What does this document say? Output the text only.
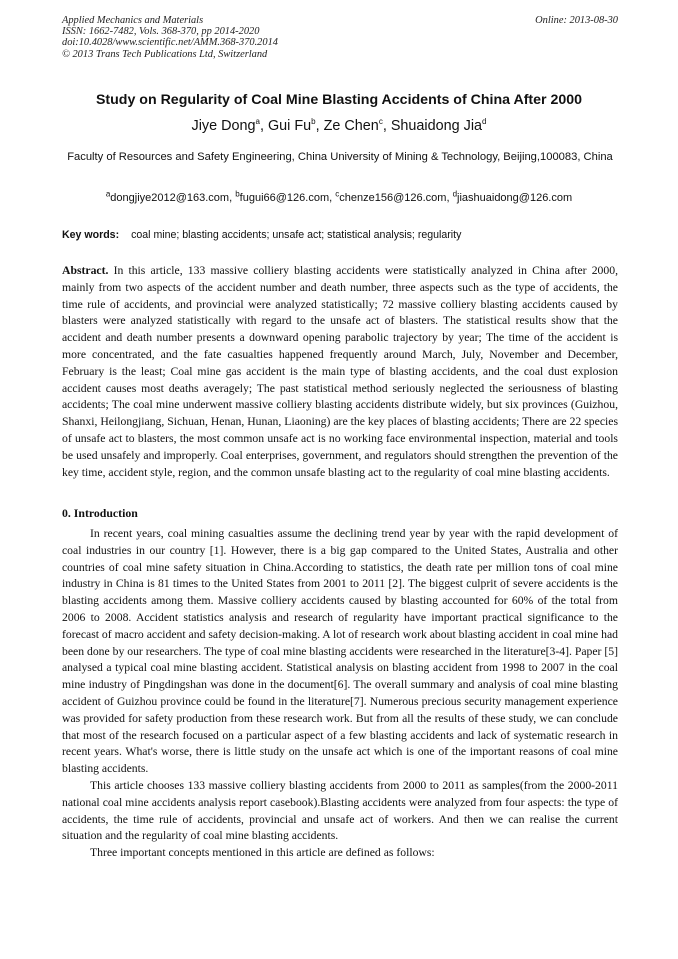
Applied Mechanics and Materials
ISSN: 1662-7482, Vols. 368-370, pp 2014-2020
doi:10.4028/www.scientific.net/AMM.368-370.2014
© 2013 Trans Tech Publications Ltd, Switzerland
Online: 2013-08-30
Study on Regularity of Coal Mine Blasting Accidents of China After 2000
Jiye Dong$^a$, Gui Fu$^b$, Ze Chen$^c$, Shuaidong Jia$^d$
Faculty of Resources and Safety Engineering, China University of Mining & Technology, Beijing,100083, China
$^a$dongjiye2012@163.com, $^b$fugui66@126.com, $^c$chenze156@126.com, $^d$jiashuaidong@126.com
Key words: coal mine; blasting accidents; unsafe act; statistical analysis; regularity
Abstract. In this article, 133 massive colliery blasting accidents were statistically analyzed in China after 2000, mainly from two aspects of the accident number and death number, three aspects such as the type of accidents, the time rule of accidents, and provincial were analyzed statistically; 72 massive colliery blasting accidents caused by blasters were analyzed statistically with regard to the unsafe act of blasters. The statistical results show that the accident and death number presents a downward opening parabolic trajectory by year; The time of the accident is more concentrated, and the fate casualties happened frequently around March, July, November and December, February is the least; Coal mine gas accident is the main type of blasting accidents, and the coal dust explosion accident causes most deaths averagely; The past statistical method seriously neglected the seriousness of blasting accidents; The coal mine underwent massive colliery blasting accidents distribute widely, but six provinces (Guizhou, Shanxi, Heilongjiang, Sichuan, Henan, Hunan, Liaoning) are the key places of blasting accidents; There are 22 species of unsafe act to blasters, the most common unsafe act is no working face environmental inspection, material and tools be used unsafely and improperly. Coal enterprises, government, and regulators should strengthen the prevention of the key time, accident style, region, and the common unsafe blasting act to the regularity of coal mine blasting accidents.
0. Introduction

In recent years, coal mining casualties assume the declining trend year by year with the rapid development of coal industries in our country [1]. However, there is a big gap compared to the United States, Australia and other countries of coal mine safety situation in China.According to statistics, the death rate per million tons of coal mine industry in China is 81 times to the United States from 2001 to 2011 [2]. The biggest culprit of severe accidents is the blasting accidents among them. Massive colliery accidents caused by blasting accounted for 60% of the total from 2006 to 2008. Accident statistics analysis and research of regularity have important practical significance to the forecast of macro accident and safety decision-making. A lot of research work about blasting accident in coal mine had been done by our researchers. The type of coal mine blasting accidents were researched in the literature[3-4]. Paper [5] analysed a typical coal mine blasting accident. Statistical analysis on blasting accident from 1998 to 2007 in the coal mine industry of Pingdingshan was done in the document[6]. The overall summary and analysis of coal mine blasting accident of Guizhou province could be found in the literature[7]. Numerous precious security management experience was provided for safety production from these research work. But from all the results of these study, we can conclude that most of the research focused on a particular aspect of a few blasting accidents and lack of systematic research in recent years. What's worse, there is little study on the unsafe act which is one of the important reasons of coal mine blasting accidents.

This article chooses 133 massive colliery blasting accidents from 2000 to 2011 as samples(from the 2000-2011 national coal mine accidents analysis report casebook).Blasting accidents were analyzed from four aspects: the type of accidents, the time rule of accidents, provincial and unsafe act of workers. And then we can realise the current situation and the regularity of coal mine blasting accidents.

Three important concepts mentioned in this article are defined as follows:
